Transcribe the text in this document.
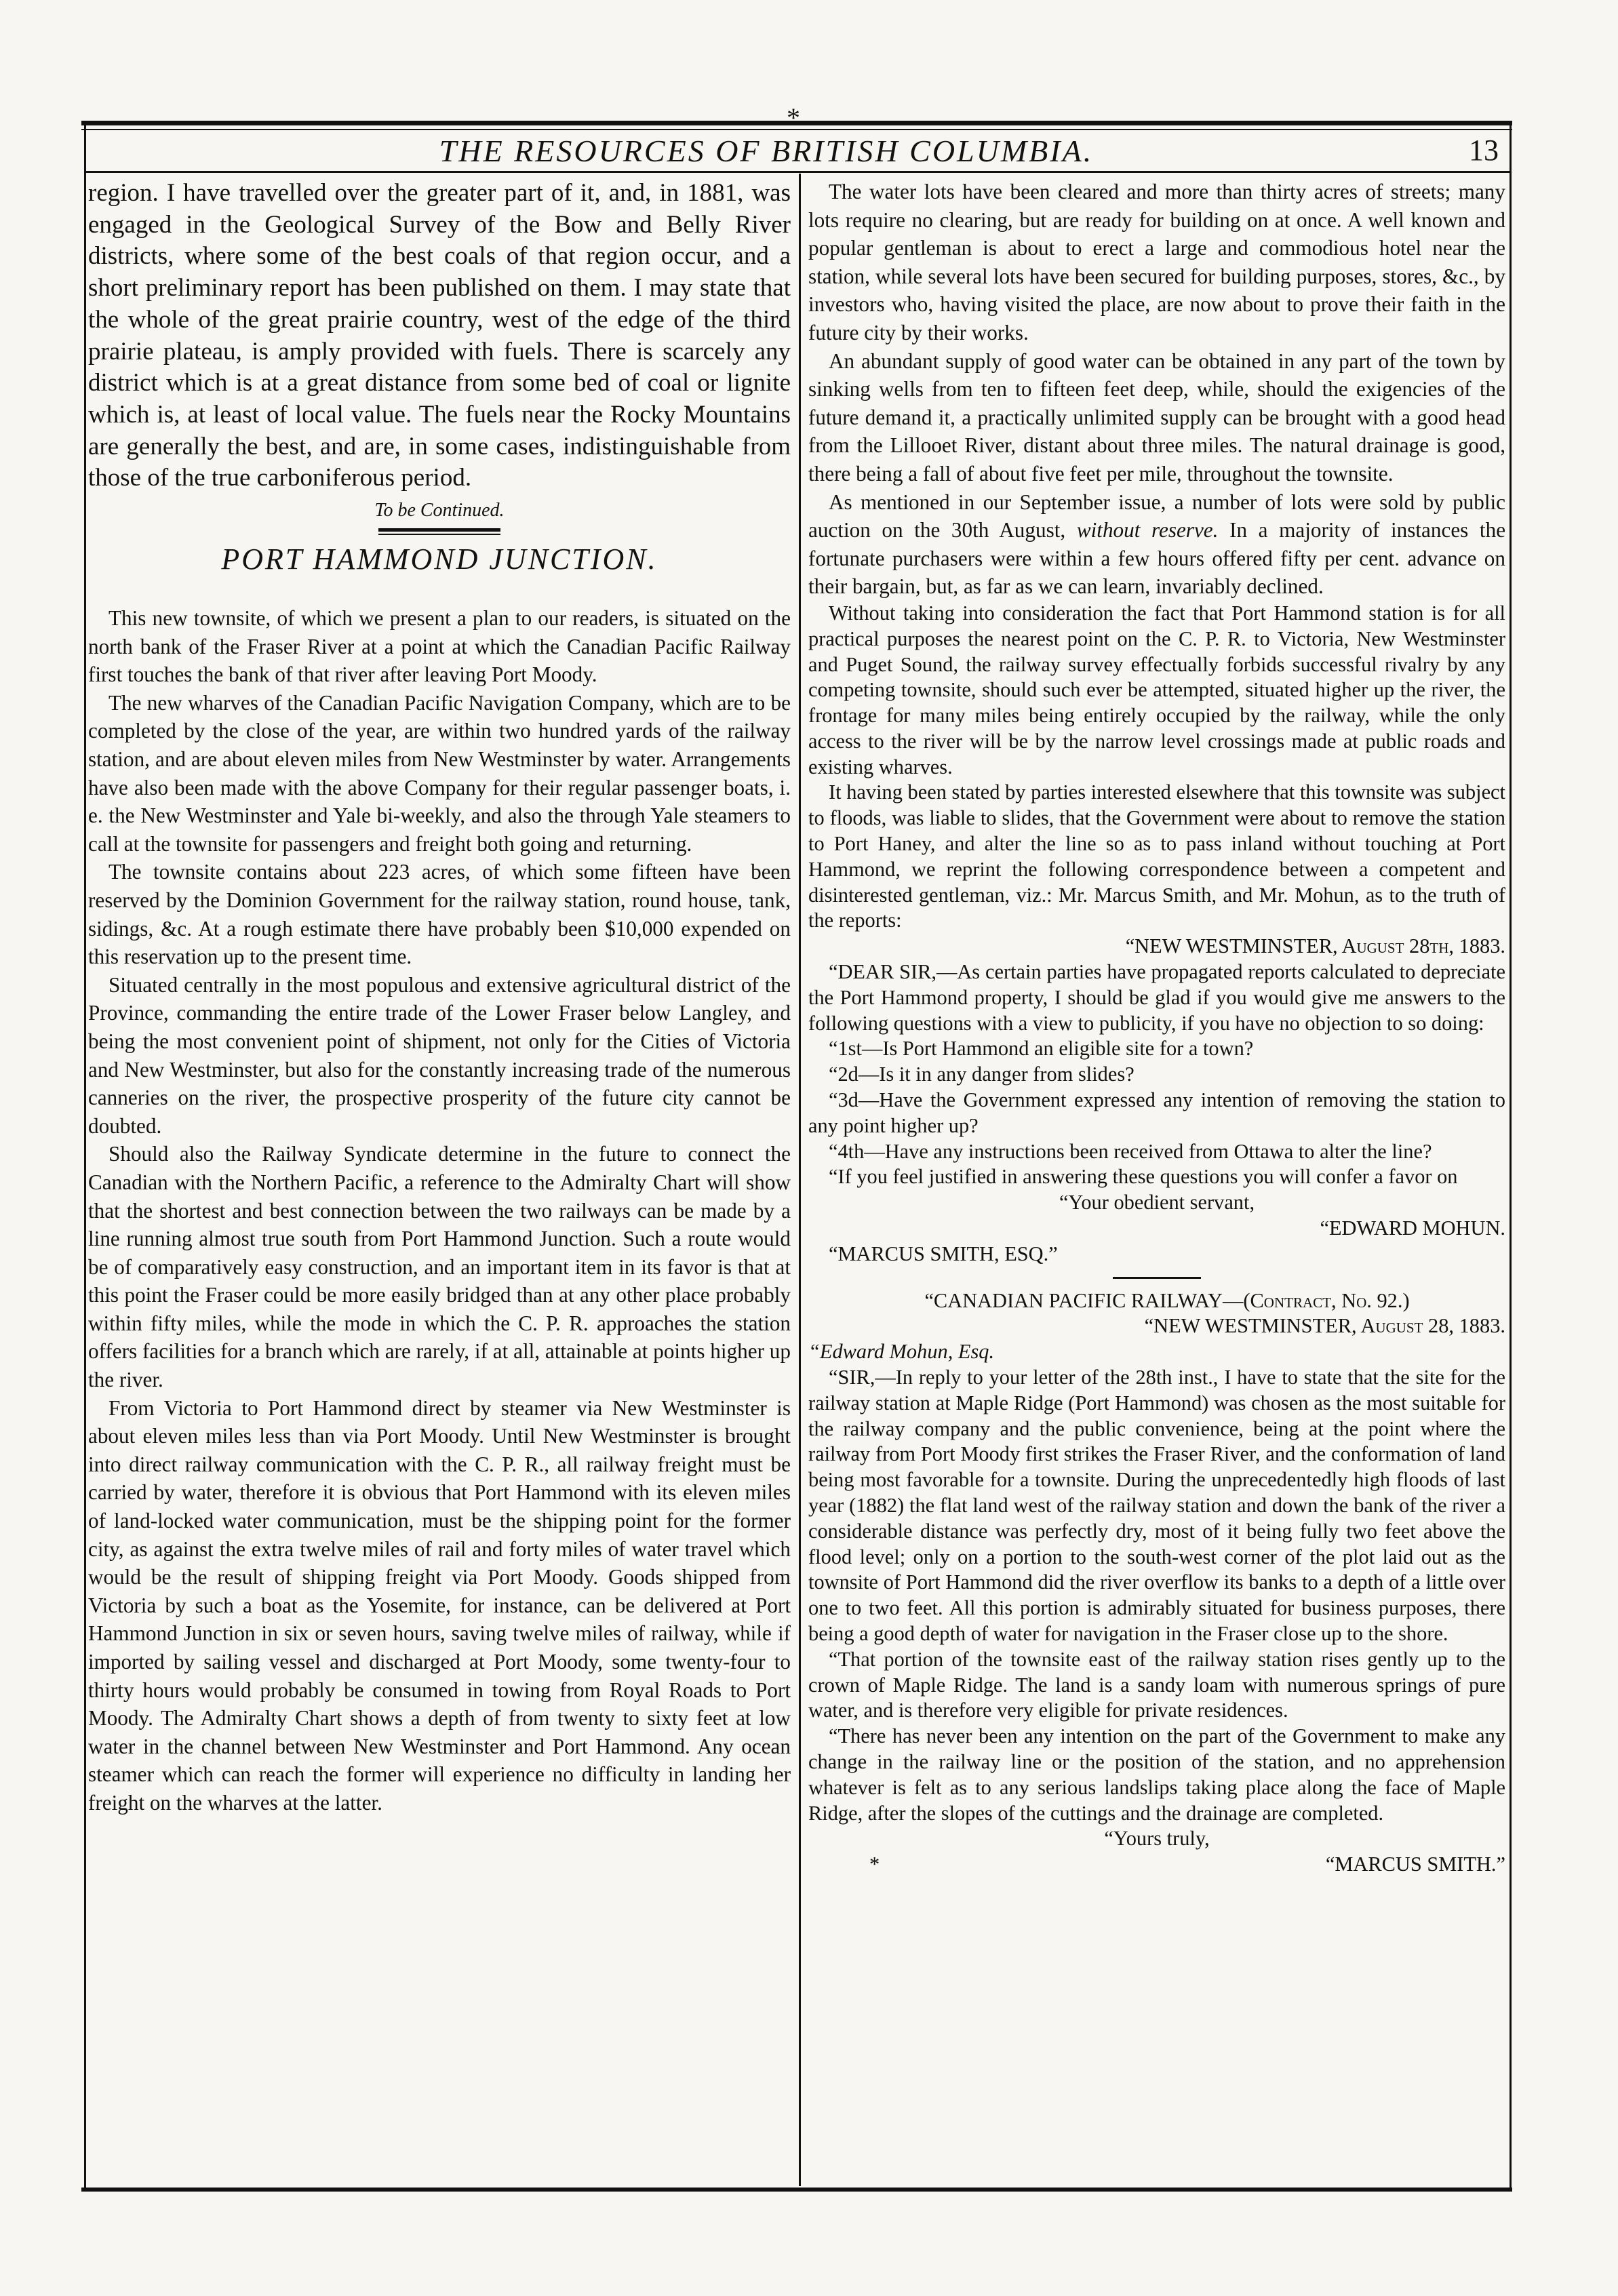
*
THE RESOURCES OF BRITISH COLUMBIA.	13

region. I have travelled over the greater part of it, and, in 1881, was engaged in the Geological Survey of the Bow and Belly River districts, where some of the best coals of that region occur, and a short preliminary report has been published on them. I may state that the whole of the great prairie country, west of the edge of the third prairie plateau, is amply provided with fuels. There is scarcely any district which is at a great distance from some bed of coal or lignite which is, at least of local value. The fuels near the Rocky Mountains are generally the best, and are, in some cases, indistinguishable from those of the true carboniferous period.

To be Continued.
PORT HAMMOND JUNCTION.

This new townsite, of which we present a plan to our readers, is situated on the north bank of the Fraser River at a point at which the Canadian Pacific Railway first touches the bank of that river after leaving Port Moody.

The new wharves of the Canadian Pacific Navigation Company, which are to be completed by the close of the year, are within two hundred yards of the railway station, and are about eleven miles from New Westminster by water. Arrangements have also been made with the above Company for their regular passenger boats, i. e. the New Westminster and Yale bi-weekly, and also the through Yale steamers to call at the townsite for passengers and freight both going and returning.

The townsite contains about 223 acres, of which some fifteen have been reserved by the Dominion Government for the railway station, round house, tank, sidings, &c. At a rough estimate there have probably been $10,000 expended on this reservation up to the present time.

Situated centrally in the most populous and extensive agricultural district of the Province, commanding the entire trade of the Lower Fraser below Langley, and being the most convenient point of shipment, not only for the Cities of Victoria and New Westminster, but also for the constantly increasing trade of the numerous canneries on the river, the prospective prosperity of the future city cannot be doubted.

Should also the Railway Syndicate determine in the future to connect the Canadian with the Northern Pacific, a reference to the Admiralty Chart will show that the shortest and best connection between the two railways can be made by a line running almost true south from Port Hammond Junction. Such a route would be of comparatively easy construction, and an important item in its favor is that at this point the Fraser could be more easily bridged than at any other place probably within fifty miles, while the mode in which the C. P. R. approaches the station offers facilities for a branch which are rarely, if at all, attainable at points higher up the river.

From Victoria to Port Hammond direct by steamer via New Westminster is about eleven miles less than via Port Moody. Until New Westminster is brought into direct railway communication with the C. P. R., all railway freight must be carried by water, therefore it is obvious that Port Hammond with its eleven miles of land-locked water communication, must be the shipping point for the former city, as against the extra twelve miles of rail and forty miles of water travel which would be the result of shipping freight via Port Moody. Goods shipped from Victoria by such a boat as the Yosemite, for instance, can be delivered at Port Hammond Junction in six or seven hours, saving twelve miles of railway, while if imported by sailing vessel and discharged at Port Moody, some twenty-four to thirty hours would probably be consumed in towing from Royal Roads to Port Moody. The Admiralty Chart shows a depth of from twenty to sixty feet at low water in the channel between New Westminster and Port Hammond. Any ocean steamer which can reach the former will experience no difficulty in landing her freight on the wharves at the latter.

The water lots have been cleared and more than thirty acres of streets; many lots require no clearing, but are ready for building on at once. A well known and popular gentleman is about to erect a large and commodious hotel near the station, while several lots have been secured for building purposes, stores, &c., by investors who, having visited the place, are now about to prove their faith in the future city by their works.

An abundant supply of good water can be obtained in any part of the town by sinking wells from ten to fifteen feet deep, while, should the exigencies of the future demand it, a practically unlimited supply can be brought with a good head from the Lillooet River, distant about three miles. The natural drainage is good, there being a fall of about five feet per mile, throughout the townsite.

As mentioned in our September issue, a number of lots were sold by public auction on the 30th August, without reserve. In a majority of instances the fortunate purchasers were within a few hours offered fifty per cent. advance on their bargain, but, as far as we can learn, invariably declined.

Without taking into consideration the fact that Port Hammond station is for all practical purposes the nearest point on the C. P. R. to Victoria, New Westminster and Puget Sound, the railway survey effectually forbids successful rivalry by any competing townsite, should such ever be attempted, situated higher up the river, the frontage for many miles being entirely occupied by the railway, while the only access to the river will be by the narrow level crossings made at public roads and existing wharves.

It having been stated by parties interested elsewhere that this townsite was subject to floods, was liable to slides, that the Government were about to remove the station to Port Haney, and alter the line so as to pass inland without touching at Port Hammond, we reprint the following correspondence between a competent and disinterested gentleman, viz.: Mr. Marcus Smith, and Mr. Mohun, as to the truth of the reports:

“NEW WESTMINSTER, August 28th, 1883.

“DEAR SIR,—As certain parties have propagated reports calculated to depreciate the Port Hammond property, I should be glad if you would give me answers to the following questions with a view to publicity, if you have no objection to so doing:

“1st—Is Port Hammond an eligible site for a town?

“2d—Is it in any danger from slides?

“3d—Have the Government expressed any intention of removing the station to any point higher up?

“4th—Have any instructions been received from Ottawa to alter the line?

“If you feel justified in answering these questions you will confer a favor on

“Your obedient servant,

“EDWARD MOHUN.

“MARCUS SMITH, ESQ.”

“CANADIAN PACIFIC RAILWAY—(Contract, No. 92.)

“NEW WESTMINSTER, August 28, 1883.

“Edward Mohun, Esq.

“SIR,—In reply to your letter of the 28th inst., I have to state that the site for the railway station at Maple Ridge (Port Hammond) was chosen as the most suitable for the railway company and the public convenience, being at the point where the railway from Port Moody first strikes the Fraser River, and the conformation of land being most favorable for a townsite. During the unprecedentedly high floods of last year (1882) the flat land west of the railway station and down the bank of the river a considerable distance was perfectly dry, most of it being fully two feet above the flood level; only on a portion to the south-west corner of the plot laid out as the townsite of Port Hammond did the river overflow its banks to a depth of a little over one to two feet. All this portion is admirably situated for business purposes, there being a good depth of water for navigation in the Fraser close up to the shore.

“That portion of the townsite east of the railway station rises gently up to the crown of Maple Ridge. The land is a sandy loam with numerous springs of pure water, and is therefore very eligible for private residences.

“There has never been any intention on the part of the Government to make any change in the railway line or the position of the station, and no apprehension whatever is felt as to any serious landslips taking place along the face of Maple Ridge, after the slopes of the cuttings and the drainage are completed.

“Yours truly,

*	“MARCUS SMITH.”
